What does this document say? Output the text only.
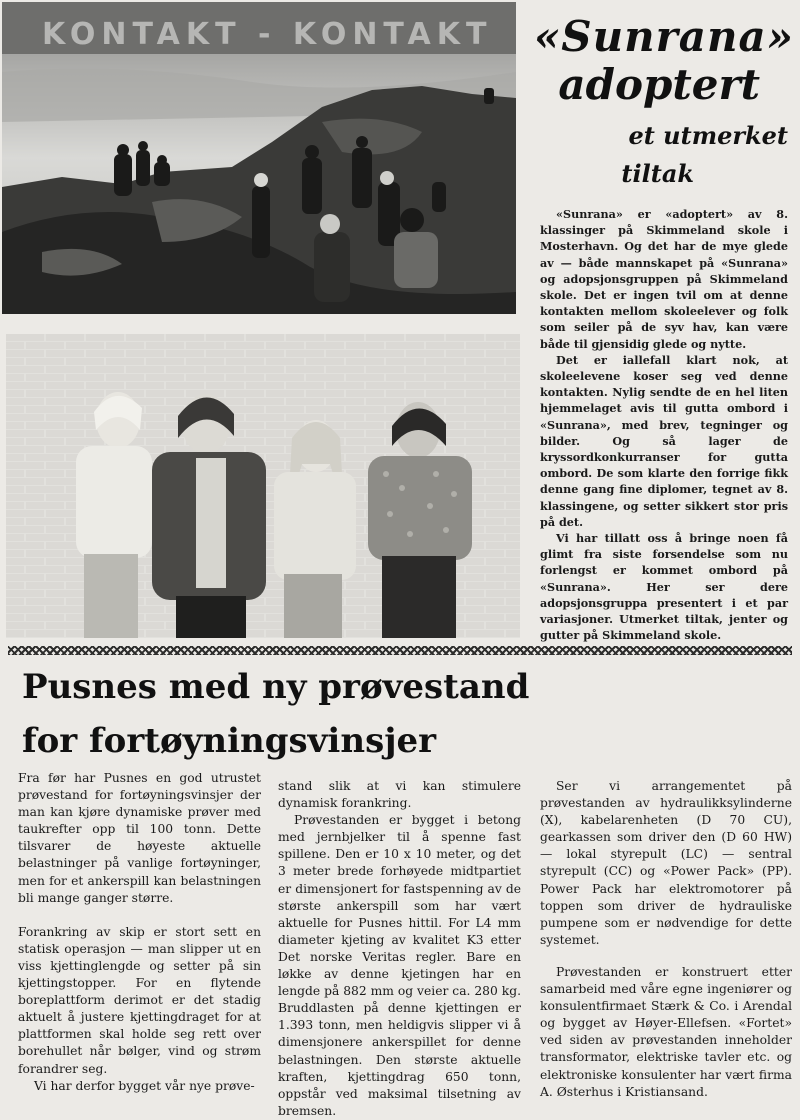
KONTAKT - KONTAKT «Sunrana»
adoptert
et utmerket
tiltak

«Sunrana» er «adoptert» av 8. klassinger på Skimmeland skole i Mosterhavn. Og det har de mye glede av — både mannskapet på «Sunrana» og adopsjonsgruppen på Skimmeland skole. Det er ingen tvil om at denne kontakten mellom skoleelever og folk som seiler på de syv hav, kan være både til gjensidig glede og nytte.

Det er iallefall klart nok, at skoleelevene koser seg ved denne kontakten. Nylig sendte de en hel liten hjemmelaget avis til gutta ombord i «Sunrana», med brev, tegninger og bilder. Og så lager de kryssordkonkurranser for gutta ombord. De som klarte den forrige fikk denne gang fine diplomer, tegnet av 8. klassingene, og setter sikkert stor pris på det.

Vi har tillatt oss å bringe noen få glimt fra siste forsendelse som nu forlengst er kommet ombord på «Sunrana». Her ser dere adopsjonsgruppa presentert i et par variasjoner. Utmerket tiltak, jenter og gutter på Skimmeland skole.

Pusnes med ny prøvestand
for fortøyningsvinsjer

Fra før har Pusnes en god utrustet prøvestand for fortøyningsvinsjer der man kan kjøre dynamiske prøver med taukrefter opp til 100 tonn. Dette tilsvarer de høyeste aktuelle belastninger på vanlige fortøyninger, men for et ankerspill kan belastningen bli mange ganger større.

Forankring av skip er stort sett en statisk operasjon — man slipper ut en viss kjettinglengde og setter på sin kjettingstopper. For en flytende boreplattform derimot er det stadig aktuelt å justere kjettingdraget for at plattformen skal holde seg rett over borehullet når bølger, vind og strøm forandrer seg.

Vi har derfor bygget vår nye prøve-

stand slik at vi kan stimulere dynamisk forankring.

Prøvestanden er bygget i betong med jernbjelker til å spenne fast spillene. Den er 10 x 10 meter, og det 3 meter brede forhøyede midtpartiet er dimensjonert for fastspenning av de største ankerspill som har vært aktuelle for Pusnes hittil. For L4 mm diameter kjeting av kvalitet K3 etter Det norske Veritas regler. Bare en løkke av denne kjetingen har en lengde på 882 mm og veier ca. 280 kg. Bruddlasten på denne kjettingen er 1.393 tonn, men heldigvis slipper vi å dimensjonere ankerspillet for denne belastningen. Den største aktuelle kraften, kjettingdrag 650 tonn, oppstår ved maksimal tilsetning av bremsen.

Ser vi arrangementet på prøvestanden av hydraulikksylinderne (X), kabelarenheten (D 70 CU), gearkassen som driver den (D 60 HW) — lokal styrepult (LC) — sentral styrepult (CC) og «Power Pack» (PP). Power Pack har elektromotorer på toppen som driver de hydrauliske pumpene som er nødvendige for dette systemet.

Prøvestanden er konstruert etter samarbeid med våre egne ingeniører og konsulentfirmaet Stærk & Co. i Arendal og bygget av Høyer-Ellefsen. «Fortet» ved siden av prøvestanden inneholder transformator, elektriske tavler etc. og elektroniske konsulenter har vært firma A. Østerhus i Kristiansand.
